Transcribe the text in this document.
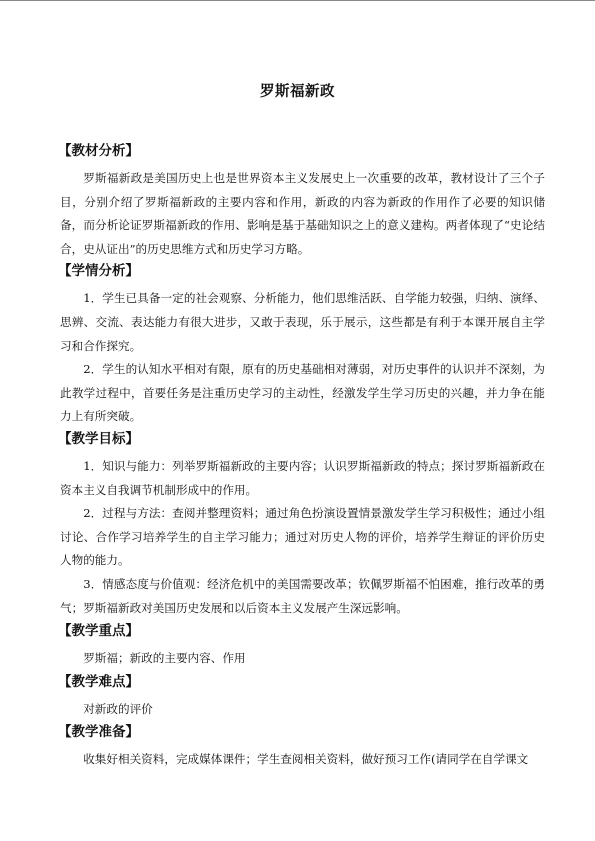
罗斯福新政
【教材分析】

罗斯福新政是美国历史上也是世界资本主义发展史上一次重要的改革，教材设计了三个子目，分别介绍了罗斯福新政的主要内容和作用，新政的内容为新政的作用作了必要的知识储备，而分析论证罗斯福新政的作用、影响是基于基础知识之上的意义建构。两者体现了“史论结合，史从证出”的历史思维方式和历史学习方略。

【学情分析】

1．学生已具备一定的社会观察、分析能力，他们思维活跃、自学能力较强，归纳、演绎、思辨、交流、表达能力有很大进步，又敢于表现，乐于展示，这些都是有利于本课开展自主学习和合作探究。

2．学生的认知水平相对有限，原有的历史基础相对薄弱，对历史事件的认识并不深刻，为此教学过程中，首要任务是注重历史学习的主动性，经激发学生学习历史的兴趣，并力争在能力上有所突破。

【教学目标】

1．知识与能力：列举罗斯福新政的主要内容；认识罗斯福新政的特点；探讨罗斯福新政在资本主义自我调节机制形成中的作用。

2．过程与方法：查阅并整理资料；通过角色扮演设置情景激发学生学习积极性；通过小组讨论、合作学习培养学生的自主学习能力；通过对历史人物的评价，培养学生辩证的评价历史人物的能力。

3．情感态度与价值观：经济危机中的美国需要改革；钦佩罗斯福不怕困难，推行改革的勇气；罗斯福新政对美国历史发展和以后资本主义发展产生深远影响。

【教学重点】

罗斯福；新政的主要内容、作用

【教学难点】

对新政的评价

【教学准备】

收集好相关资料，完成媒体课件；学生查阅相关资料，做好预习工作(请同学在自学课文
